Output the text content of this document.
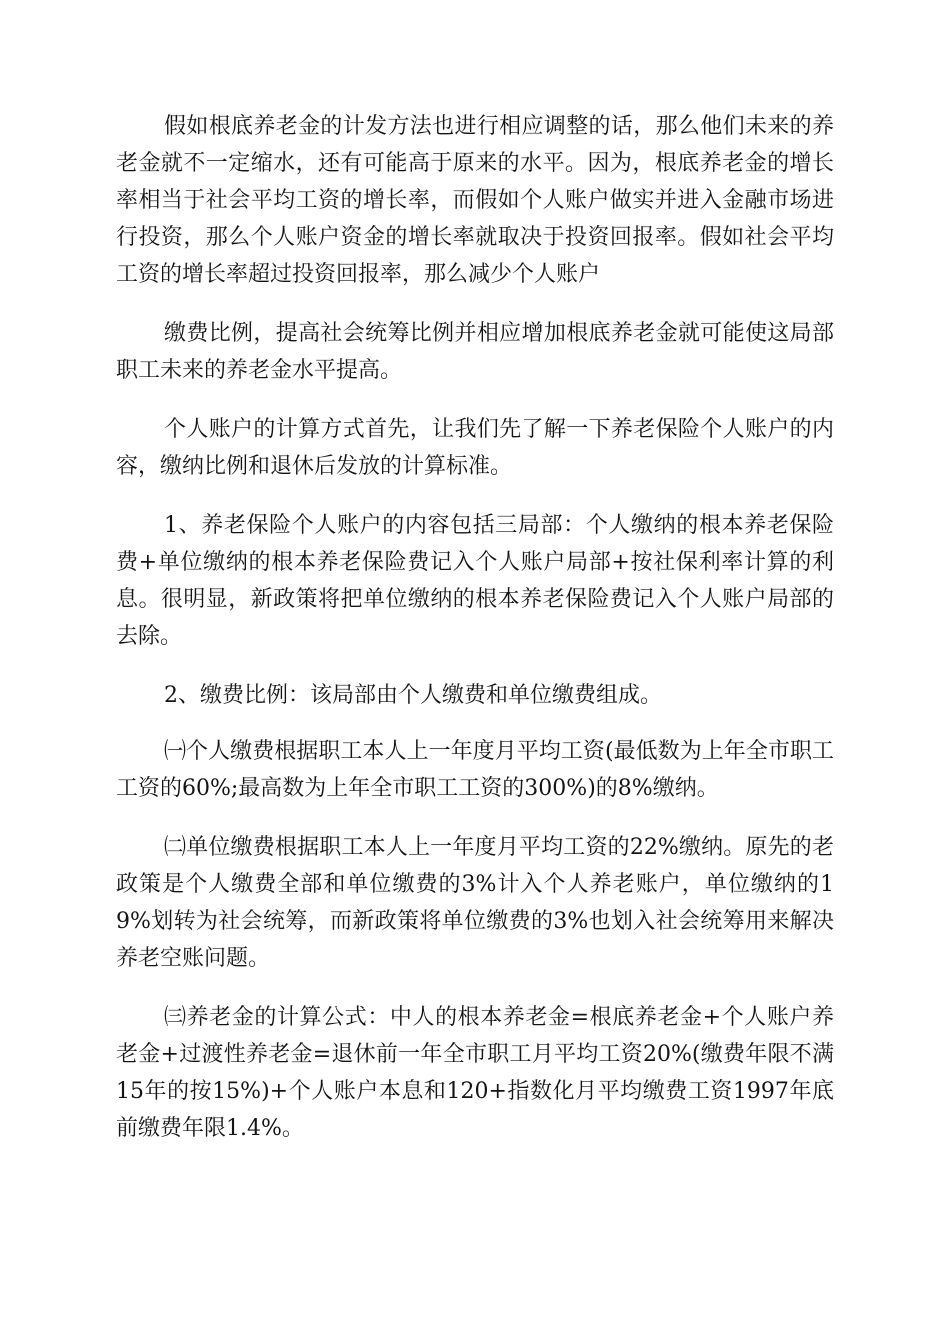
假如根底养老金的计发方法也进行相应调整的话，那么他们未来的养老金就不一定缩水，还有可能高于原来的水平。因为，根底养老金的增长率相当于社会平均工资的增长率，而假如个人账户做实并进入金融市场进行投资，那么个人账户资金的增长率就取决于投资回报率。假如社会平均工资的增长率超过投资回报率，那么减少个人账户

缴费比例，提高社会统筹比例并相应增加根底养老金就可能使这局部职工未来的养老金水平提高。

个人账户的计算方式首先，让我们先了解一下养老保险个人账户的内容，缴纳比例和退休后发放的计算标准。

1、养老保险个人账户的内容包括三局部：个人缴纳的根本养老保险费+单位缴纳的根本养老保险费记入个人账户局部+按社保利率计算的利息。很明显，新政策将把单位缴纳的根本养老保险费记入个人账户局部的去除。

2、缴费比例：该局部由个人缴费和单位缴费组成。

㈠个人缴费根据职工本人上一年度月平均工资(最低数为上年全市职工工资的60%;最高数为上年全市职工工资的300%)的8%缴纳。

㈡单位缴费根据职工本人上一年度月平均工资的22%缴纳。原先的老政策是个人缴费全部和单位缴费的3%计入个人养老账户，单位缴纳的19%划转为社会统筹，而新政策将单位缴费的3%也划入社会统筹用来解决养老空账问题。

㈢养老金的计算公式：中人的根本养老金=根底养老金+个人账户养老金+过渡性养老金=退休前一年全市职工月平均工资20%(缴费年限不满15年的按15%)+个人账户本息和120+指数化月平均缴费工资1997年底前缴费年限1.4%。
